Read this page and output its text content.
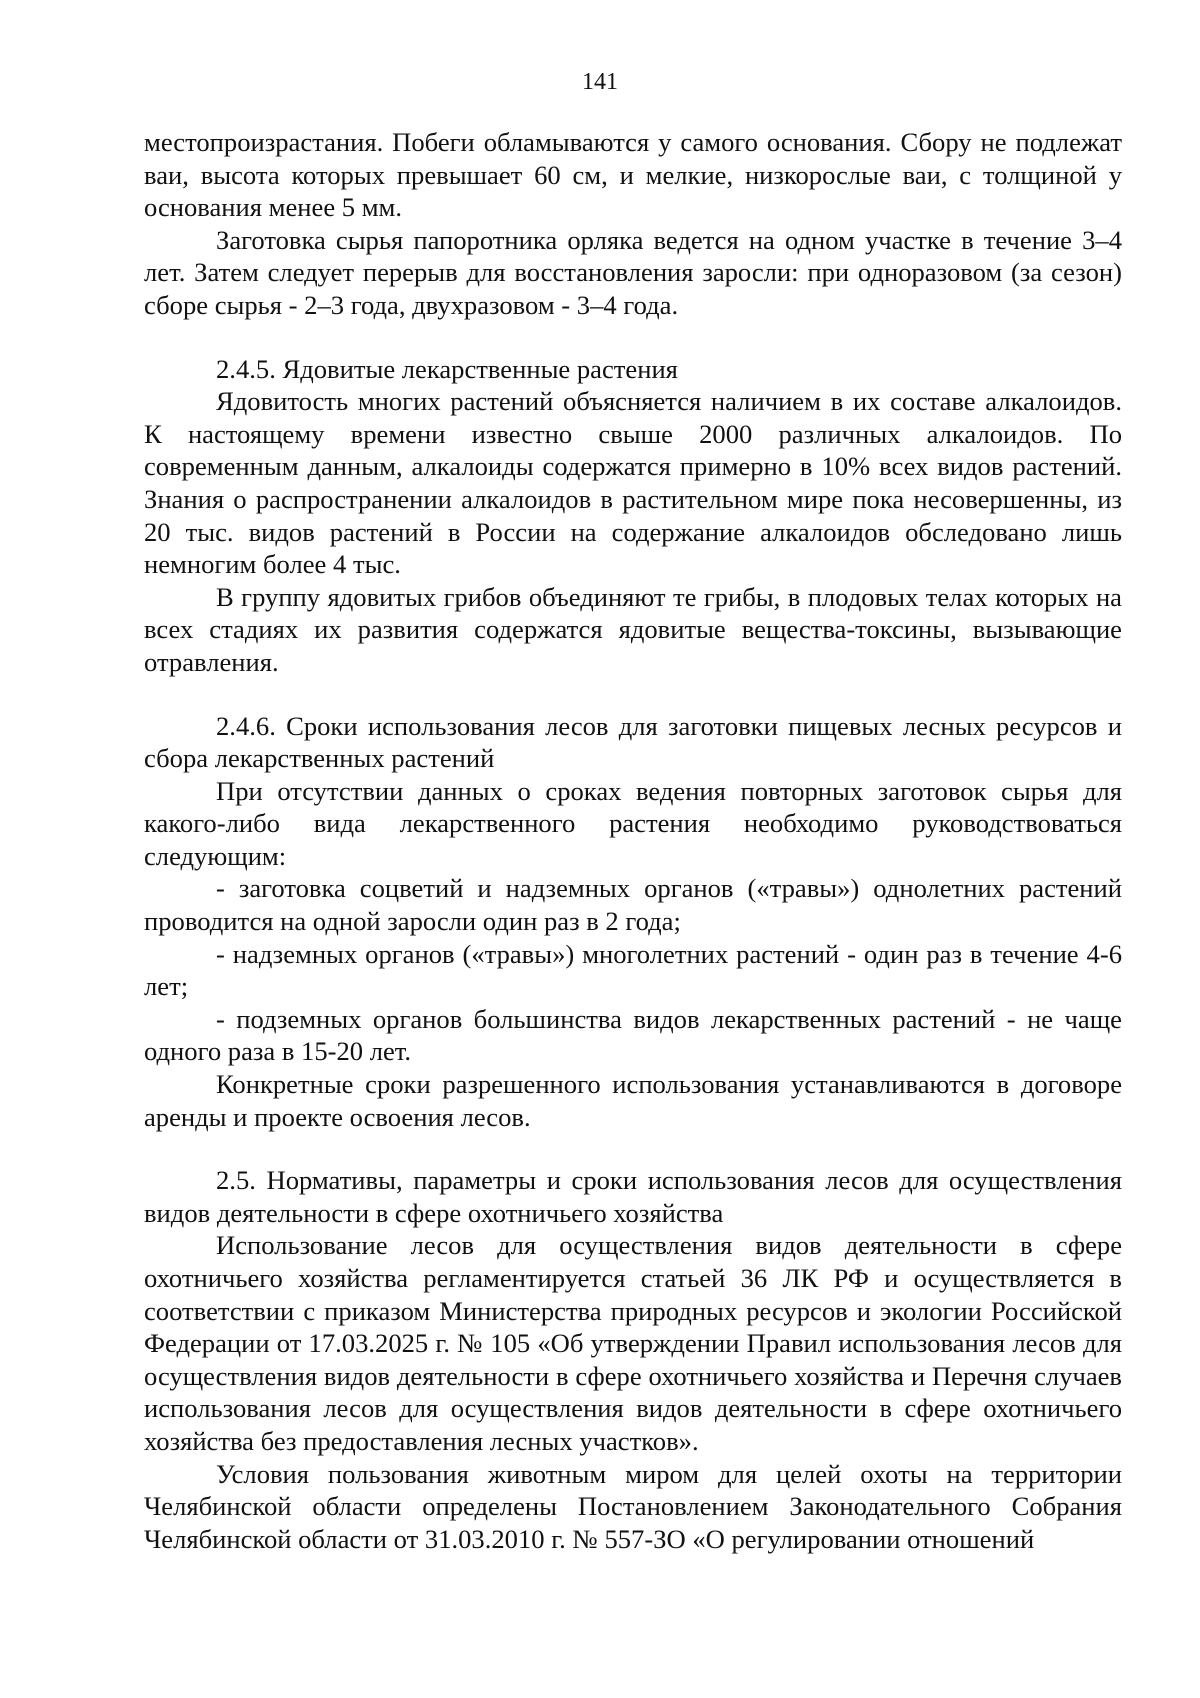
141

местопроизрастания. Побеги обламываются у самого основания. Сбору не подлежат ваи, высота которых превышает 60 см, и мелкие, низкорослые ваи, с толщиной у основания менее 5 мм.

Заготовка сырья папоротника орляка ведется на одном участке в течение 3–4 лет. Затем следует перерыв для восстановления заросли: при одноразовом (за сезон) сборе сырья - 2–3 года, двухразовом - 3–4 года.

2.4.5. Ядовитые лекарственные растения

Ядовитость многих растений объясняется наличием в их составе алкалоидов. К настоящему времени известно свыше 2000 различных алкалоидов. По современным данным, алкалоиды содержатся примерно в 10% всех видов растений. Знания о распространении алкалоидов в растительном мире пока несовершенны, из 20 тыс. видов растений в России на содержание алкалоидов обследовано лишь немногим более 4 тыс.

В группу ядовитых грибов объединяют те грибы, в плодовых телах которых на всех стадиях их развития содержатся ядовитые вещества-токсины, вызывающие отравления.

2.4.6. Сроки использования лесов для заготовки пищевых лесных ресурсов и сбора лекарственных растений

При отсутствии данных о сроках ведения повторных заготовок сырья для какого-либо вида лекарственного растения необходимо руководствоваться следующим:

- заготовка соцветий и надземных органов («травы») однолетних растений проводится на одной заросли один раз в 2 года;

- надземных органов («травы») многолетних растений - один раз в течение 4-6 лет;

- подземных органов большинства видов лекарственных растений - не чаще одного раза в 15-20 лет.

Конкретные сроки разрешенного использования устанавливаются в договоре аренды и проекте освоения лесов.

2.5. Нормативы, параметры и сроки использования лесов для осуществления видов деятельности в сфере охотничьего хозяйства

Использование лесов для осуществления видов деятельности в сфере охотничьего хозяйства регламентируется статьей 36 ЛК РФ и осуществляется в соответствии с приказом Министерства природных ресурсов и экологии Российской Федерации от 17.03.2025 г. № 105 «Об утверждении Правил использования лесов для осуществления видов деятельности в сфере охотничьего хозяйства и Перечня случаев использования лесов для осуществления видов деятельности в сфере охотничьего хозяйства без предоставления лесных участков».

Условия пользования животным миром для целей охоты на территории Челябинской области определены Постановлением Законодательного Собрания Челябинской области от 31.03.2010 г. № 557-ЗО «О регулировании отношений
